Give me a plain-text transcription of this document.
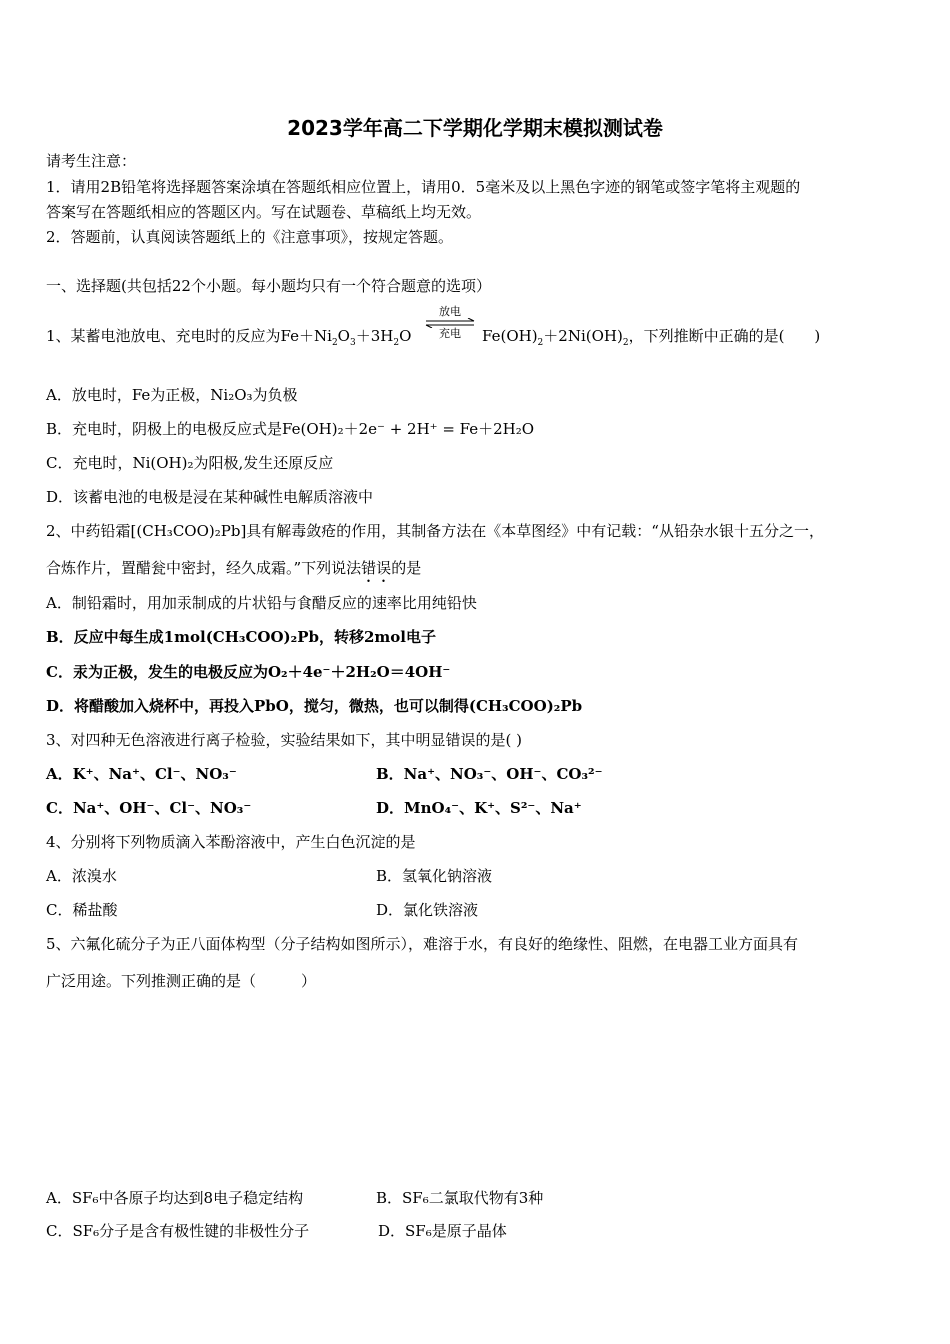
2023学年高二下学期化学期末模拟测试卷
请考生注意：
1．请用2B铅笔将选择题答案涂填在答题纸相应位置上，请用0．5毫米及以上黑色字迹的钢笔或签字笔将主观题的
答案写在答题纸相应的答题区内。写在试题卷、草稿纸上均无效。
2．答题前，认真阅读答题纸上的《注意事项》，按规定答题。
一、选择题(共包括22个小题。每小题均只有一个符合题意的选项）
1、某蓄电池放电、充电时的反应为$Fe+Ni_2O_3+3H_2O$
放电
充电	$Fe(OH)_2+2Ni(OH)_2$，下列推断中正确的是(　　)
A．放电时，Fe为正极，Ni₂O₃为负极
B．充电时，阴极上的电极反应式是Fe(OH)₂＋2e⁻ + 2H⁺ = Fe＋2H₂O
C．充电时，Ni(OH)₂为阳极,发生还原反应
D．该蓄电池的电极是浸在某种碱性电解质溶液中
2、中药铅霜[(CH₃COO)₂Pb]具有解毒敛疮的作用，其制备方法在《本草图经》中有记载：“从铅杂水银十五分之一，
合炼作片，置醋瓮中密封，经久成霜。”下列说法错误的是
A．制铅霜时，用加汞制成的片状铅与食醋反应的速率比用纯铅快
B．反应中每生成1mol(CH₃COO)₂Pb，转移2mol电子
C．汞为正极，发生的电极反应为O₂＋4e⁻＋2H₂O＝4OH⁻
D．将醋酸加入烧杯中，再投入PbO，搅匀，微热，也可以制得(CH₃COO)₂Pb
3、对四种无色溶液进行离子检验，实验结果如下，其中明显错误的是( )
A．K⁺、Na⁺、Cl⁻、NO₃⁻	B．Na⁺、NO₃⁻、OH⁻、CO₃²⁻
C．Na⁺、OH⁻、Cl⁻、NO₃⁻	D．MnO₄⁻、K⁺、S²⁻、Na⁺
4、分别将下列物质滴入苯酚溶液中，产生白色沉淀的是
A．浓溴水	B．氢氧化钠溶液
C．稀盐酸	D．氯化铁溶液
5、六氟化硫分子为正八面体构型（分子结构如图所示），难溶于水，有良好的绝缘性、阻燃，在电器工业方面具有
广泛用途。下列推测正确的是（　　　）
A．SF₆中各原子均达到8电子稳定结构	B．SF₆二氯取代物有3种
C．SF₆分子是含有极性键的非极性分子	D．SF₆是原子晶体
